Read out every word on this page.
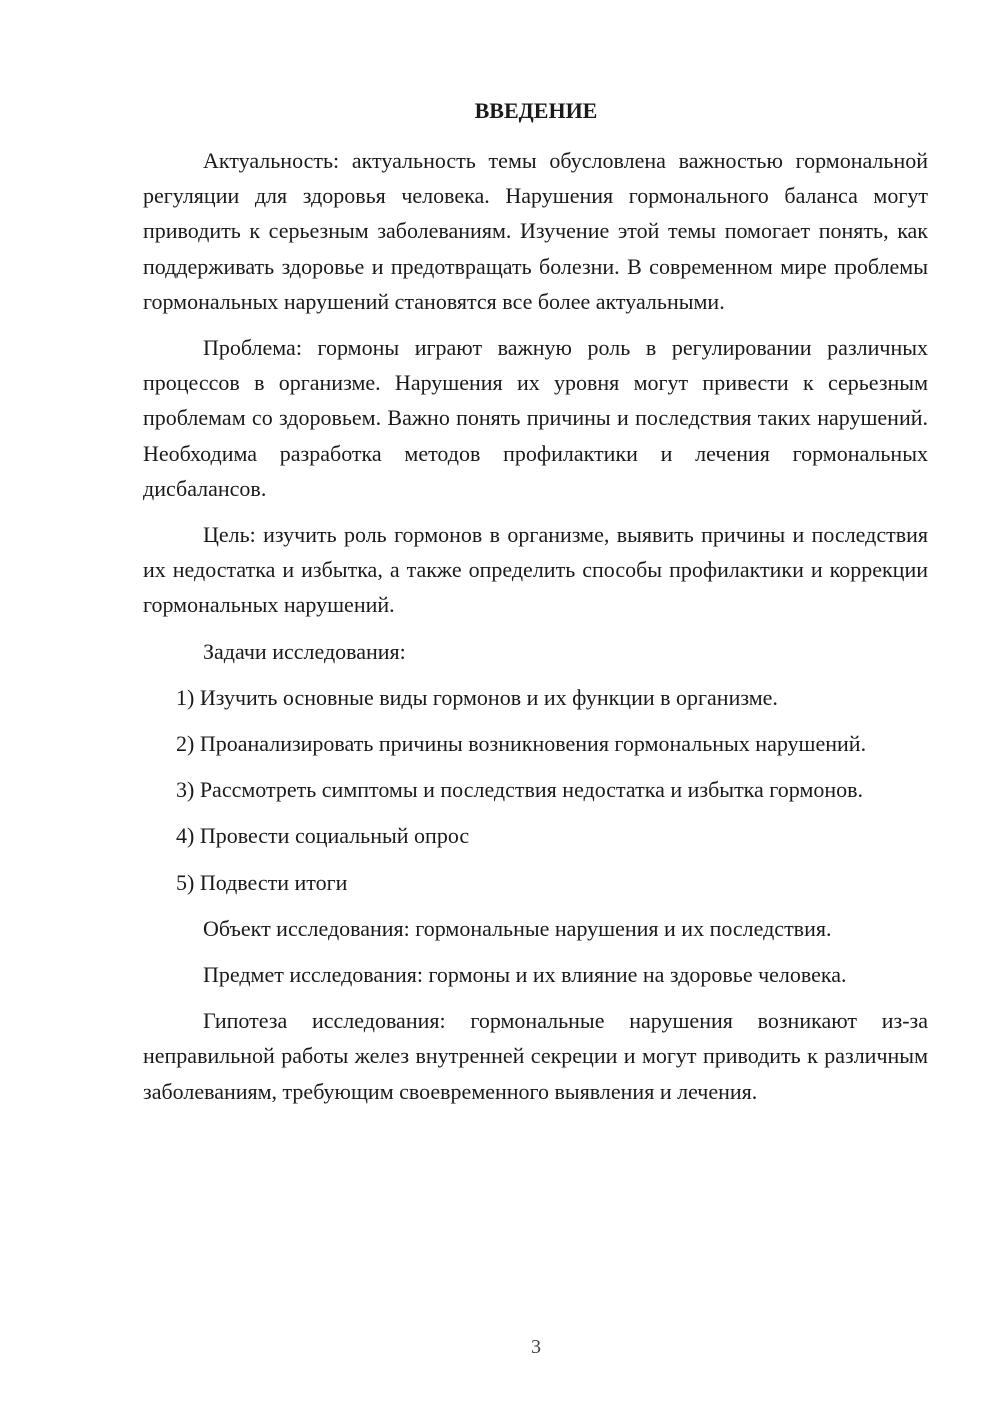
ВВЕДЕНИЕ

Актуальность: актуальность темы обусловлена важностью гормональной регуляции для здоровья человека. Нарушения гормонального баланса могут приводить к серьезным заболеваниям. Изучение этой темы помогает понять, как поддерживать здоровье и предотвращать болезни. В современном мире проблемы гормональных нарушений становятся все более актуальными.

Проблема: гормоны играют важную роль в регулировании различных процессов в организме. Нарушения их уровня могут привести к серьезным проблемам со здоровьем. Важно понять причины и последствия таких нарушений. Необходима разработка методов профилактики и лечения гормональных дисбалансов.

Цель: изучить роль гормонов в организме, выявить причины и последствия их недостатка и избытка, а также определить способы профилактики и коррекции гормональных нарушений.

Задачи исследования:

1) Изучить основные виды гормонов и их функции в организме.

2) Проанализировать причины возникновения гормональных нарушений.

3) Рассмотреть симптомы и последствия недостатка и избытка гормонов.

4) Провести социальный опрос

5) Подвести итоги

Объект исследования: гормональные нарушения и их последствия.

Предмет исследования: гормоны и их влияние на здоровье человека.

Гипотеза исследования: гормональные нарушения возникают из-за неправильной работы желез внутренней секреции и могут приводить к различным заболеваниям, требующим своевременного выявления и лечения.

3
